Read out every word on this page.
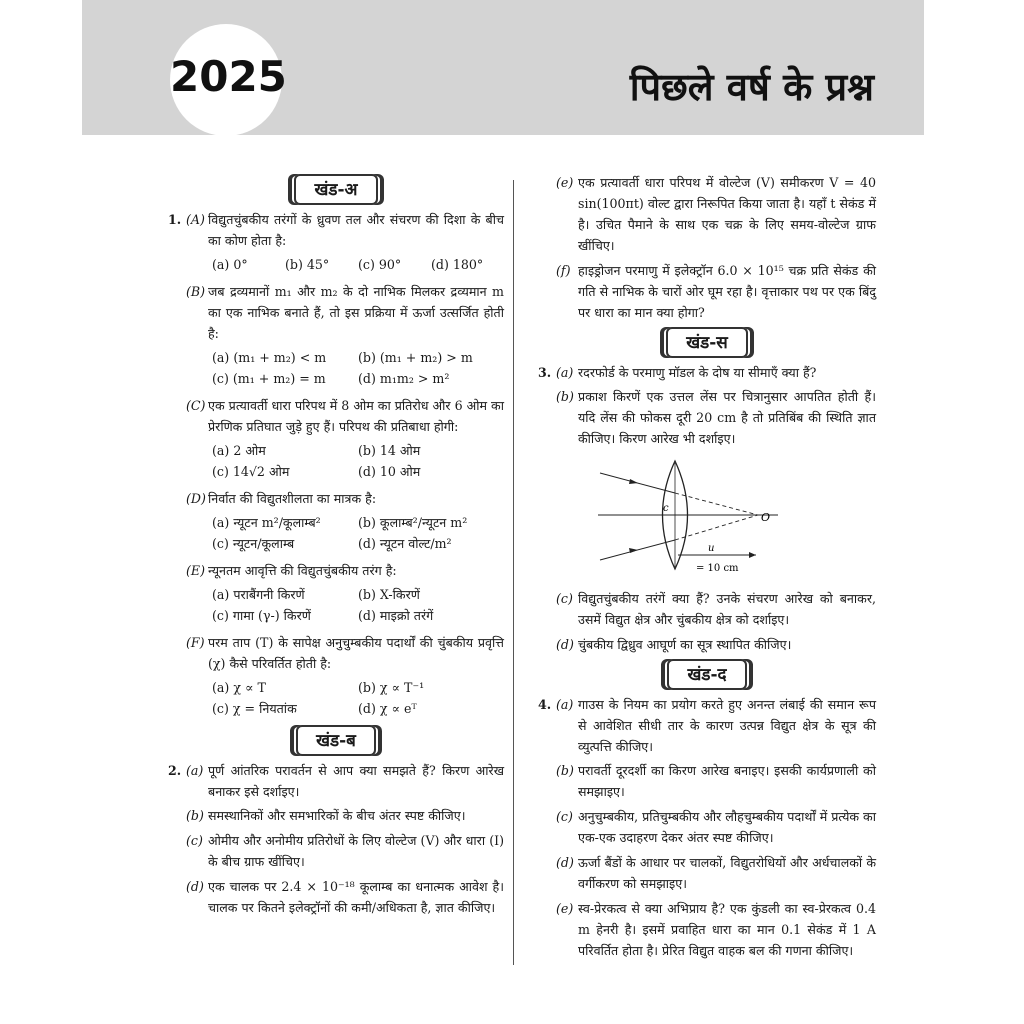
2025	पिछले वर्ष के प्रश्न
खंड-अ
1. (A) विद्युतचुंबकीय तरंगों के ध्रुवण तल और संचरण की दिशा के बीच का कोण होता है:
(a) 0°	(b) 45°	(c) 90°	(d) 180°
(B) जब द्रव्यमानों m₁ और m₂ के दो नाभिक मिलकर द्रव्यमान m का एक नाभिक बनाते हैं, तो इस प्रक्रिया में ऊर्जा उत्सर्जित होती है:
(a) (m₁ + m₂) < m	(b) (m₁ + m₂) > m
(c) (m₁ + m₂) = m	(d) m₁m₂ > m²
(C) एक प्रत्यावर्ती धारा परिपथ में 8 ओम का प्रतिरोध और 6 ओम का प्रेरणिक प्रतिघात जुड़े हुए हैं। परिपथ की प्रतिबाधा होगी:
(a) 2 ओम	(b) 14 ओम
(c) 14√2 ओम	(d) 10 ओम
(D) निर्वात की विद्युतशीलता का मात्रक है:
(a) न्यूटन m²/कूलाम्ब²	(b) कूलाम्ब²/न्यूटन m²
(c) न्यूटन/कूलाम्ब	(d) न्यूटन वोल्ट/m²
(E) न्यूनतम आवृत्ति की विद्युतचुंबकीय तरंग है:
(a) पराबैंगनी किरणें	(b) X-किरणें
(c) गामा (γ-) किरणें	(d) माइक्रो तरंगें
(F) परम ताप (T) के सापेक्ष अनुचुम्बकीय पदार्थों की चुंबकीय प्रवृत्ति (χ) कैसे परिवर्तित होती है:
(a) χ ∝ T	(b) χ ∝ T⁻¹
(c) χ = नियतांक	(d) χ ∝ eᵀ
खंड-ब
2. (a) पूर्ण आंतरिक परावर्तन से आप क्या समझते हैं? किरण आरेख बनाकर इसे दर्शाइए।
(b) समस्थानिकों और समभारिकों के बीच अंतर स्पष्ट कीजिए।
(c) ओमीय और अनोमीय प्रतिरोधों के लिए वोल्टेज (V) और धारा (I) के बीच ग्राफ खींचिए।
(d) एक चालक पर 2.4 × 10⁻¹⁸ कूलाम्ब का धनात्मक आवेश है। चालक पर कितने इलेक्ट्रॉनों की कमी/अधिकता है, ज्ञात कीजिए।
(e) एक प्रत्यावर्ती धारा परिपथ में वोल्टेज (V) समीकरण V = 40 sin(100πt) वोल्ट द्वारा निरूपित किया जाता है। यहाँ t सेकंड में है। उचित पैमाने के साथ एक चक्र के लिए समय-वोल्टेज ग्राफ खींचिए।
(f) हाइड्रोजन परमाणु में इलेक्ट्रॉन 6.0 × 10¹⁵ चक्र प्रति सेकंड की गति से नाभिक के चारों ओर घूम रहा है। वृत्ताकार पथ पर एक बिंदु पर धारा का मान क्या होगा?
खंड-स
3. (a) रदरफोर्ड के परमाणु मॉडल के दोष या सीमाएँ क्या हैं?
(b) प्रकाश किरणें एक उत्तल लेंस पर चित्रानुसार आपतित होती हैं। यदि लेंस की फोकस दूरी 20 cm है तो प्रतिबिंब की स्थिति ज्ञात कीजिए। किरण आरेख भी दर्शाइए।
c
O
u
= 10 cm
(c) विद्युतचुंबकीय तरंगें क्या हैं? उनके संचरण आरेख को बनाकर, उसमें विद्युत क्षेत्र और चुंबकीय क्षेत्र को दर्शाइए।
(d) चुंबकीय द्विध्रुव आघूर्ण का सूत्र स्थापित कीजिए।
खंड-द
4. (a) गाउस के नियम का प्रयोग करते हुए अनन्त लंबाई की समान रूप से आवेशित सीधी तार के कारण उत्पन्न विद्युत क्षेत्र के सूत्र की व्युत्पत्ति कीजिए।
(b) परावर्ती दूरदर्शी का किरण आरेख बनाइए। इसकी कार्यप्रणाली को समझाइए।
(c) अनुचुम्बकीय, प्रतिचुम्बकीय और लौहचुम्बकीय पदार्थों में प्रत्येक का एक-एक उदाहरण देकर अंतर स्पष्ट कीजिए।
(d) ऊर्जा बैंडों के आधार पर चालकों, विद्युतरोधियों और अर्धचालकों के वर्गीकरण को समझाइए।
(e) स्व-प्रेरकत्व से क्या अभिप्राय है? एक कुंडली का स्व-प्रेरकत्व 0.4 m हेनरी है। इसमें प्रवाहित धारा का मान 0.1 सेकंड में 1 A परिवर्तित होता है। प्रेरित विद्युत वाहक बल की गणना कीजिए।
